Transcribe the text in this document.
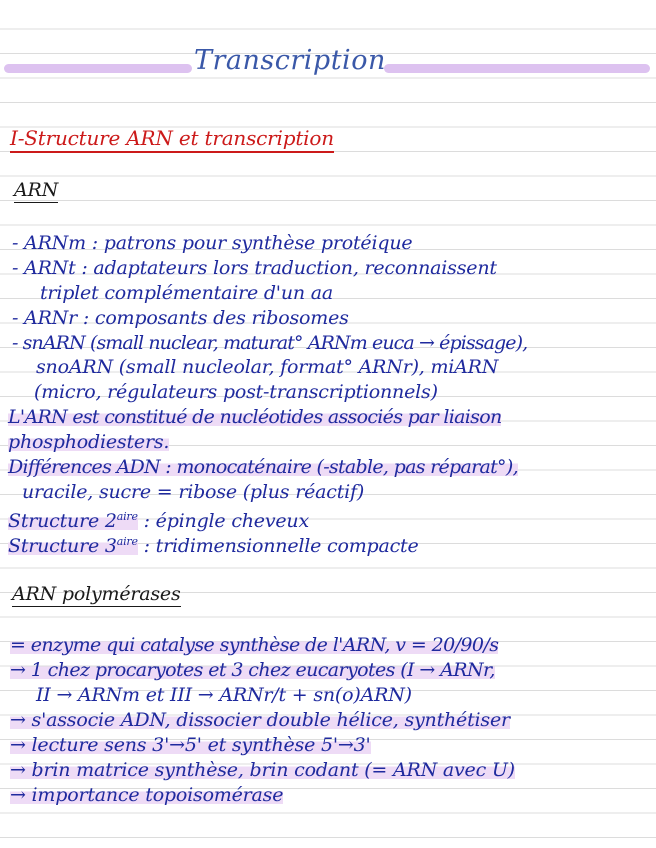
Transcription
I-Structure ARN et transcription
ARN
- ARNm : patrons pour synthèse protéique
- ARNt : adaptateurs lors traduction, reconnaissent
triplet complémentaire d'un aa
- ARNr : composants des ribosomes
- snARN (small nuclear, maturat° ARNm euca → épissage),
snoARN (small nucleolar, format° ARNr), miARN
(micro, régulateurs post-transcriptionnels)
L'ARN est constitué de nucléotides associés par liaison
phosphodiesters.
Différences ADN : monocaténaire (-stable, pas réparat°),
uracile, sucre = ribose (plus réactif)
Structure $2^{aire}$ : épingle cheveux
Structure $3^{aire}$ : tridimensionnelle compacte
ARN polymérases
= enzyme qui catalyse synthèse de l'ARN, v = 20/90/s
→ 1 chez procaryotes et 3 chez eucaryotes (I → ARNr,
II → ARNm et III → ARNr/t + sn(o)ARN)
→ s'associe ADN, dissocier double hélice, synthétiser
→ lecture sens 3'→5' et synthèse 5'→3'
→ brin matrice synthèse, brin codant (= ARN avec U)
→ importance topoisomérase
